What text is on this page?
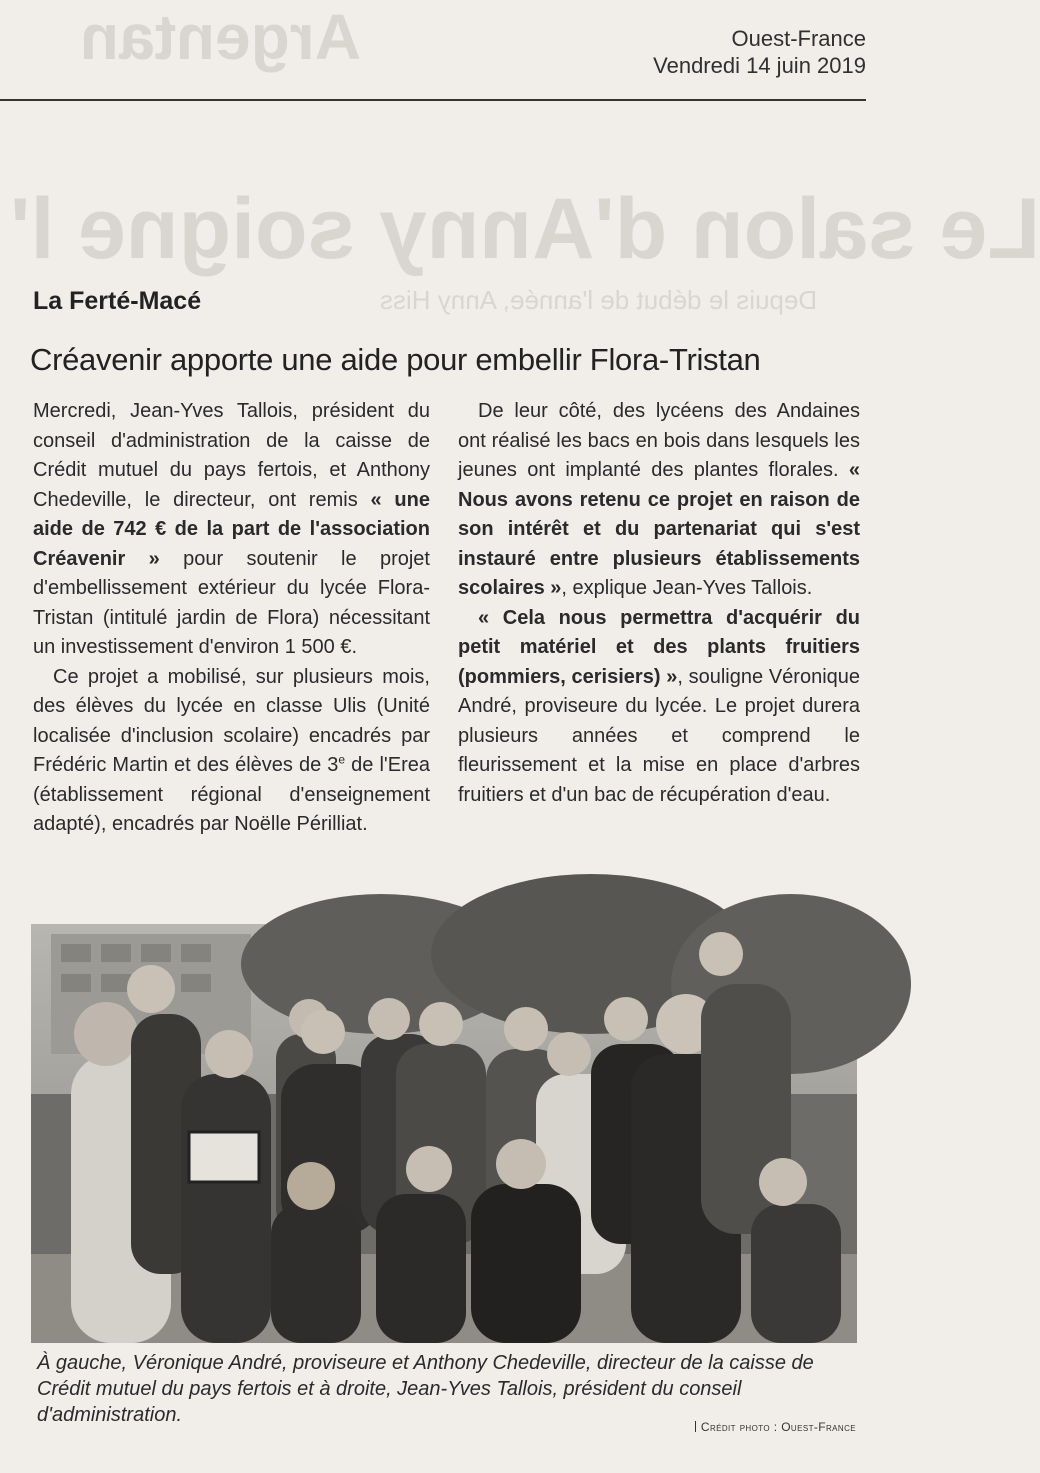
Argentan
Le salon d'Anny soigne l'
Depuis le début de l'année, Anny Hiss
Ouest-France
Vendredi 14 juin 2019
La Ferté-Macé
Créavenir apporte une aide pour embellir Flora-Tristan

Mercredi, Jean-Yves Tallois, président du conseil d'administration de la caisse de Crédit mutuel du pays fertois, et Anthony Chedeville, le directeur, ont remis « une aide de 742 € de la part de l'association Créavenir » pour soutenir le projet d'embellissement extérieur du lycée Flora-Tristan (intitulé jardin de Flora) nécessitant un investissement d'environ 1 500 €.

Ce projet a mobilisé, sur plusieurs mois, des élèves du lycée en classe Ulis (Unité localisée d'inclusion scolaire) encadrés par Frédéric Martin et des élèves de 3e de l'Erea (établissement régional d'enseignement adapté), encadrés par Noëlle Périlliat.

De leur côté, des lycéens des Andaines ont réalisé les bacs en bois dans lesquels les jeunes ont implanté des plantes florales. « Nous avons retenu ce projet en raison de son intérêt et du partenariat qui s'est instauré entre plusieurs établissements scolaires », explique Jean-Yves Tallois.

« Cela nous permettra d'acquérir du petit matériel et des plants fruitiers (pommiers, cerisiers) », souligne Véronique André, proviseure du lycée. Le projet durera plusieurs années et comprend le fleurissement et la mise en place d'arbres fruitiers et d'un bac de récupération d'eau.

À gauche, Véronique André, proviseure et Anthony Chedeville, directeur de la caisse de Crédit mutuel du pays fertois et à droite, Jean-Yves Tallois, président du conseil d'administration.
Crédit photo : Ouest-France
